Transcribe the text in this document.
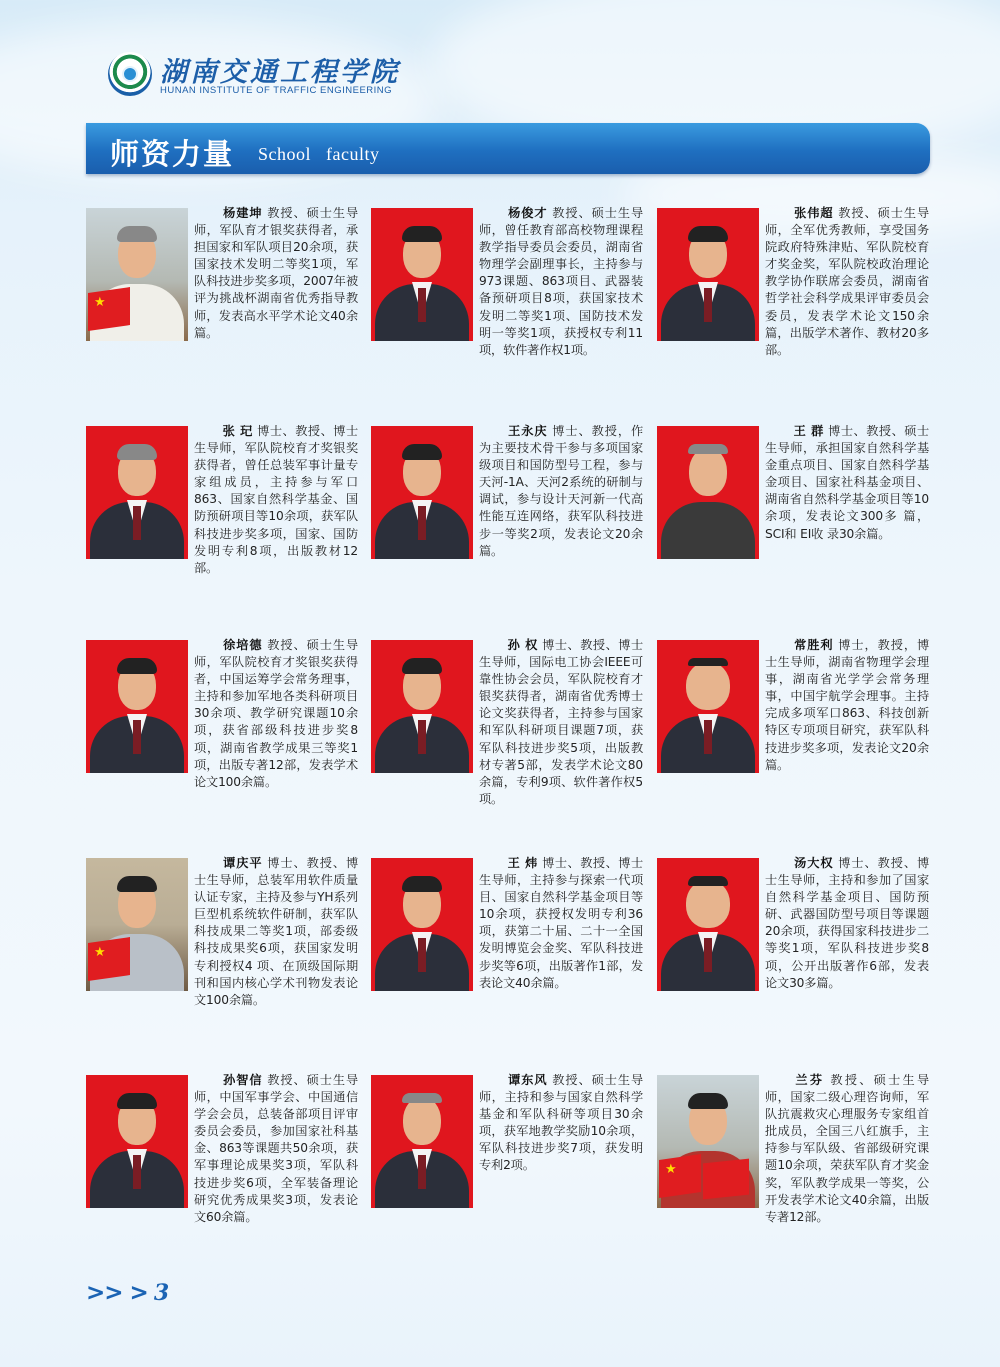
湖南交通工程学院
HUNAN INSTITUTE OF TRAFFIC ENGINEERING
师资力量 School   faculty
★
杨建坤 教授、硕士生导师，军队育才银奖获得者，承担国家和军队项目20余项，获国家技术发明二等奖1项，军队科技进步奖多项，2007年被评为挑战杯湖南省优秀指导教师，发表高水平学术论文40余篇。
杨俊才 教授、硕士生导师，曾任教育部高校物理课程教学指导委员会委员，湖南省物理学会副理事长，主持参与973课题、863项目、武器装备预研项目8项，获国家技术发明二等奖1项、国防技术发明一等奖1项，获授权专利11项，软件著作权1项。
张伟超 教授、硕士生导师，全军优秀教师，享受国务院政府特殊津贴、军队院校育才奖金奖，军队院校政治理论教学协作联席会委员，湖南省哲学社会科学成果评审委员会委员，发表学术论文150余篇，出版学术著作、教材20多部。
张 玘 博士、教授、博士生导师，军队院校育才奖银奖获得者，曾任总装军事计量专家组成员，主持参与军口863、国家自然科学基金、国防预研项目等10余项，获军队科技进步奖多项，国家、国防发明专利8项，出版教材12 部。
王永庆 博士、教授，作为主要技术骨干参与多项国家级项目和国防型号工程，参与天河-1A、天河2系统的研制与调试，参与设计天河新一代高性能互连网络，获军队科技进步一等奖2项，发表论文20余篇。
王 群 博士、教授、硕士生导师，承担国家自然科学基金重点项目、国家自然科学基金项目、国家社科基金项目、湖南省自然科学基金项目等10余项，发表论文300多 篇， SCI和 EI收 录30余篇。
徐培德 教授、硕士生导师，军队院校育才奖银奖获得者，中国运筹学会常务理事，主持和参加军地各类科研项目30余项、教学研究课题10余项，获省部级科技进步奖8项，湖南省教学成果三等奖1项，出版专著12部，发表学术论文100余篇。
孙 权 博士、教授、博士生导师，国际电工协会IEEE可靠性协会会员，军队院校育才银奖获得者，湖南省优秀博士论文奖获得者，主持参与国家和军队科研项目课题7项，获军队科技进步奖5项，出版教材专著5部，发表学术论文80余篇，专利9项、软件著作权5项。
常胜利 博士，教授，博士生导师，湖南省物理学会理事，湖南省光学学会常务理事，中国宇航学会理事。主持完成多项军口863、科技创新特区专项项目研究，获军队科技进步奖多项，发表论文20余篇。
★
谭庆平 博士、教授、博士生导师，总装军用软件质量认证专家，主持及参与YH系列巨型机系统软件研制，获军队科技成果二等奖1项，部委级科技成果奖6项，获国家发明专利授权4 项、在顶级国际期刊和国内核心学术刊物发表论文100余篇。
王 炜 博士、教授、博士生导师，主持参与探索一代项目、国家自然科学基金项目等10余项，获授权发明专利36 项，获第二十届、二十一全国发明博览会金奖、军队科技进步奖等6项，出版著作1部，发表论文40余篇。
汤大权 博士、教授、博士生导师，主持和参加了国家自然科学基金项目、国防预研、武器国防型号项目等课题20余项，获得国家科技进步二等奖1项，军队科技进步奖8项，公开出版著作6部，发表论文30多篇。
孙智信 教授、硕士生导师，中国军事学会、中国通信学会会员，总装备部项目评审委员会委员，参加国家社科基金、863等课题共50余项，获军事理论成果奖3项，军队科技进步奖6项，全军装备理论研究优秀成果奖3项，发表论文60余篇。
谭东风 教授、硕士生导师，主持和参与国家自然科学基金和军队科研等项目30余项，获军地教学奖励10余项，军队科技进步奖7项，获发明专利2项。	★
兰芬 教授、硕士生导师，国家二级心理咨询师，军队抗震救灾心理服务专家组首批成员，全国三八红旗手，主持参与军队级、省部级研究课题10余项，荣获军队育才奖金奖，军队教学成果一等奖，公开发表学术论文40余篇，出版专著12部。
>> > 3
